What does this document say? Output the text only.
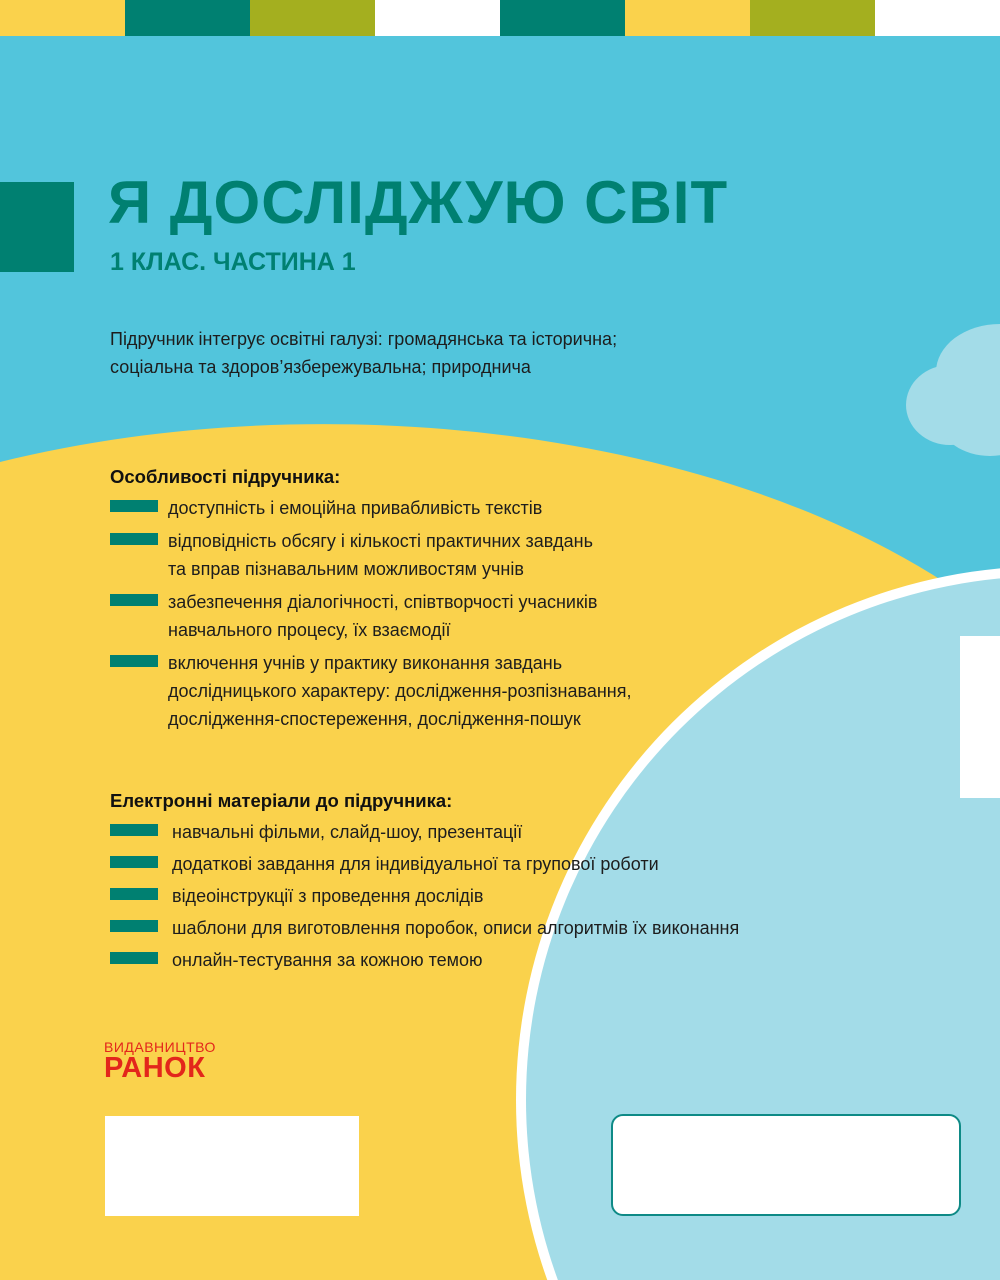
Я ДОСЛІДЖУЮ СВІТ
1 КЛАС. ЧАСТИНА 1
Підручник інтегрує освітні галузі: громадянська та історична;
соціальна та здоров’язбережувальна; природнича
Особливості підручника:
доступність і емоційна привабливість текстів
відповідність обсягу і кількості практичних завдань
та вправ пізнавальним можливостям учнів
забезпечення діалогічності, співтворчості учасників
навчального процесу, їх взаємодії
включення учнів у практику виконання завдань
дослідницького характеру: дослідження-розпізнавання,
дослідження-спостереження, дослідження-пошук
Електронні матеріали до підручника:
навчальні фільми, слайд-шоу, презентації
додаткові завдання для індивідуальної та групової роботи
відеоінструкції з проведення дослідів
шаблони для виготовлення поробок, описи алгоритмів їх виконання
онлайн-тестування за кожною темою
ВИДАВНИЦТВО
РАНОК
